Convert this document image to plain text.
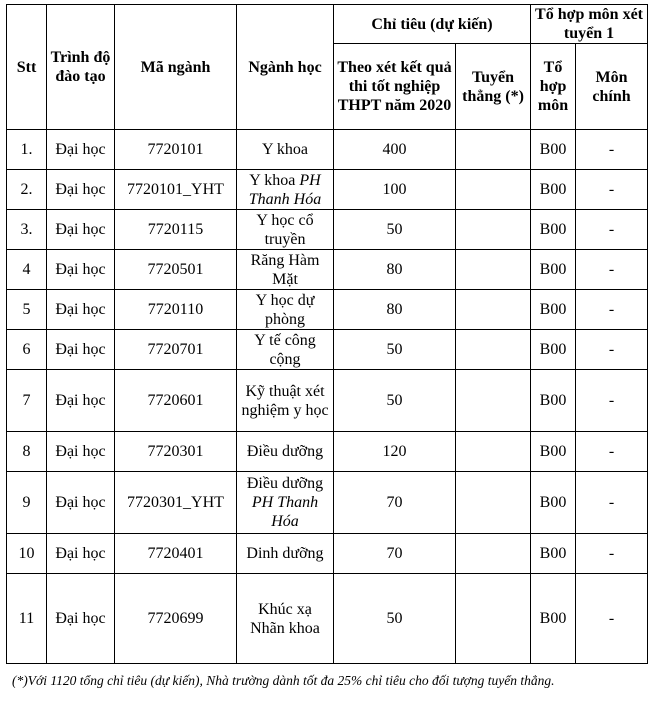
Stt	Trình độ đào tạo	Mã ngành	Ngành học	Chỉ tiêu (dự kiến)		Tổ hợp môn xét tuyển 1	
				Theo xét kết quả thi tốt nghiệp THPT năm 2020	Tuyển thẳng (*)	Tổ hợp môn	Môn chính
1.	Đại học	7720101	Y khoa	400		B00	-
2.	Đại học	7720101_YHT	Y khoa PH Thanh Hóa	100		B00	-
3.	Đại học	7720115	Y học cổ truyền	50		B00	-
4	Đại học	7720501	Răng Hàm Mặt	80		B00	-
5	Đại học	7720110	Y học dự phòng	80		B00	-
6	Đại học	7720701	Y tế công cộng	50		B00	-
7	Đại học	7720601	Kỹ thuật xét nghiệm y học	50		B00	-
8	Đại học	7720301	Điều dưỡng	120		B00	-
9	Đại học	7720301_YHT	Điều dưỡng PH Thanh Hóa	70		B00	-
10	Đại học	7720401	Dinh dưỡng	70		B00	-
11	Đại học	7720699	Khúc xạ Nhãn khoa	50		B00	-
(*)Với 1120 tổng chỉ tiêu (dự kiến), Nhà trường dành tốt đa 25% chỉ tiêu cho đối tượng tuyển thẳng.
